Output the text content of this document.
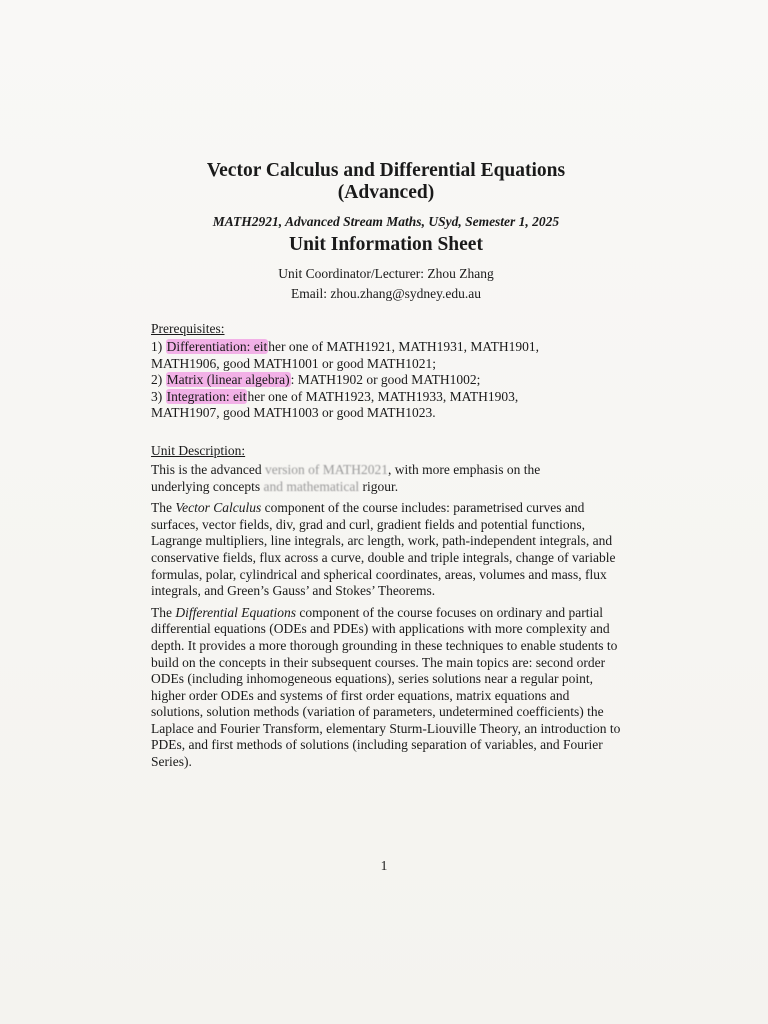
Vector Calculus and Differential Equations
(Advanced)
MATH2921, Advanced Stream Maths, USyd, Semester 1, 2025
Unit Information Sheet
Unit Coordinator/Lecturer: Zhou Zhang
Email: zhou.zhang@sydney.edu.au
Prerequisites:

1) Differentiation: either one of MATH1921, MATH1931, MATH1901,
MATH1906, good MATH1001 or good MATH1021;

2) Matrix (linear algebra): MATH1902 or good MATH1002;

3) Integration: either one of MATH1923, MATH1933, MATH1903,
MATH1907, good MATH1003 or good MATH1023.

Unit Description:

This is the advanced version of MATH2021, with more emphasis on the
underlying concepts and mathematical rigour.

The Vector Calculus component of the course includes: parametrised curves and surfaces, vector fields, div, grad and curl, gradient fields and potential functions, Lagrange multipliers, line integrals, arc length, work, path-independent integrals, and conservative fields, flux across a curve, double and triple integrals, change of variable formulas, polar, cylindrical and spherical coordinates, areas, volumes and mass, flux integrals, and Green’s Gauss’ and Stokes’ Theorems.

The Differential Equations component of the course focuses on ordinary and partial differential equations (ODEs and PDEs) with applications with more complexity and depth. It provides a more thorough grounding in these techniques to enable students to build on the concepts in their subsequent courses. The main topics are: second order ODEs (including inhomogeneous equations), series solutions near a regular point, higher order ODEs and systems of first order equations, matrix equations and solutions, solution methods (variation of parameters, undetermined coefficients) the Laplace and Fourier Transform, elementary Sturm-Liouville Theory, an introduction to PDEs, and first methods of solutions (including separation of variables, and Fourier Series).

1
